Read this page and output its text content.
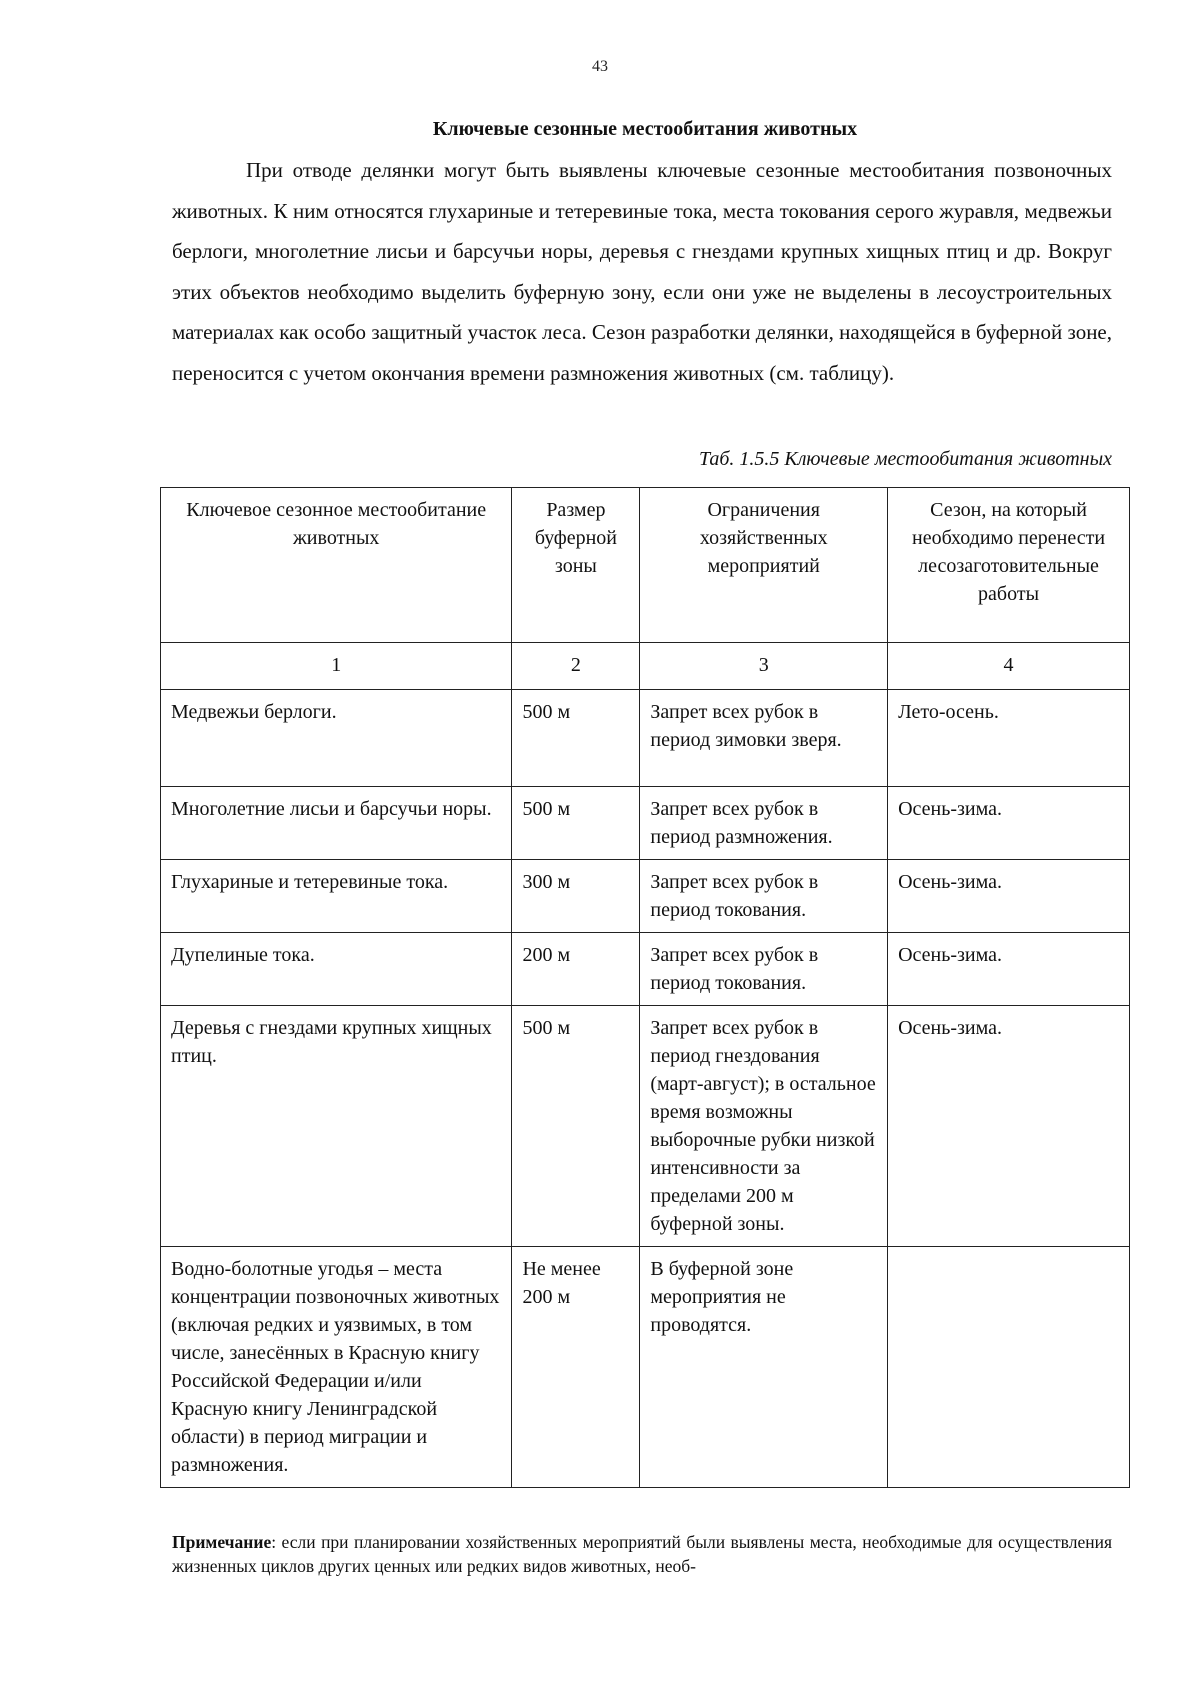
43
Ключевые сезонные местообитания животных

При отводе делянки могут быть выявлены ключевые сезонные местообитания позвоночных животных. К ним относятся глухариные и тетеревиные тока, места токования серого журавля, медвежьи берлоги, многолетние лисьи и барсучьи норы, деревья с гнездами крупных хищных птиц и др. Вокруг этих объектов необходимо выделить буферную зону, если они уже не выделены в лесоустроительных материалах как особо защитный участок леса. Сезон разработки делянки, находящейся в буферной зоне, переносится с учетом окончания времени размножения животных (см. таблицу).

Таб. 1.5.5 Ключевые местообитания животных
Ключевое сезонное местообитание животных	Размер буферной зоны	Ограничения хозяйственных мероприятий	Сезон, на который необходимо перенести лесозаготовительные работы
1	2	3	4
Медвежьи берлоги.	500 м	Запрет всех рубок в период зимовки зверя.	Лето-осень.
Многолетние лисьи и барсучьи норы.	500 м	Запрет всех рубок в период размножения.	Осень-зима.
Глухариные и тетеревиные тока.	300 м	Запрет всех рубок в период токования.	Осень-зима.
Дупелиные тока.	200 м	Запрет всех рубок в период токования.	Осень-зима.
Деревья с гнездами крупных хищных птиц.	500 м	Запрет всех рубок в период гнездования (март-август); в остальное время возможны выборочные рубки низкой интенсивности за пределами 200 м буферной зоны.	Осень-зима.
Водно-болотные угодья – места концентрации позвоночных животных (включая редких и уязвимых, в том числе, занесённых в Красную книгу Российской Федерации и/или Красную книгу Ленинградской области) в период миграции и размножения.	Не менее 200 м	В буферной зоне мероприятия не проводятся.	

Примечание: если при планировании хозяйственных мероприятий были выявлены места, необходимые для осуществления жизненных циклов других ценных или редких видов животных, необ-
